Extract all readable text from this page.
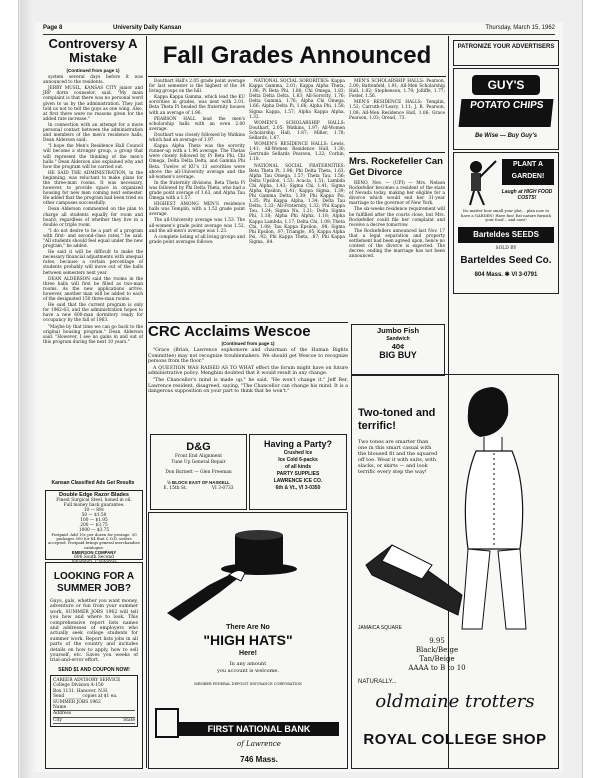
Page 8	University Daily Kansan	Thursday, March 15, 1962
Controversy A Mistake
(Continued from page 1)

system several days before it was announced to the residents.

JERRY MUSIL, KANSAS CITY junior and JRP dorm counselor, said, "My main complaint is that there was no personal word given to us by the administration. They just told us not to tell the guys as one wing. Also, at first there were no reasons given for the added rate increase."

In connection with an attempt for a more personal contact between the administration and members of the men's residence halls, Dean Alderson said:

"I hope the Men's Residence Hall Council will become a stronger group, a group that will represent the thinking of the men's halls." Dean Alderson also explained why and how the program will be carried out.

HE SAID THE ADMINISTRATION, in the beginning, was reluctant to make plans for the three-man rooms. It was necessary, however, to provide space in organized housing for new men coming next semester. He added that the program had been tried on other campuses successfully.

Dean Alderson commented on the plan to charge all students equally for room and board, regardless of whether they live in a double or triple room.

"I do not desire to be a part of a program with first- and second-class rates," he said. "All students should feel equal under the new program," he added.

He said it will be difficult to make the necessary financial adjustments with unequal rates, because a certain percentage of students probably will move out of the halls between semesters next year.

DEAN ALDERSON said the rooms in the three halls will first be filled as two-man rooms. As the new applications arrive, however, another man will be added to each of the designated 150 three-man rooms.

He said that the current program is only for 1962-63, and the administration hopes to have a new 600-man dormitory ready for occupancy by the fall of 1963.

"Maybe by that time we can go back to the original housing program," Dean Alderson said. "However, I see no gains in and out of this program during the next 10 years."

Kansan Classified Ads Get Results
Double Edge Razor Blades
Finest Surgical Steel, honed in oil.
Full money back guarantee.
10 — 89c
50 — $1.50
100 — $1.95
200 — $3.75
1000 — $3.75
Postpaid. Add 10c per dozen for postage. 30 packages 500 for $4 that C.O.D. orders accepted. Postpaid brings general merchandise catalogue.
EMERSON COMPANY
606 South Second
Alhambra, California
LOOKING FOR A SUMMER JOB?
Guys, gals, whether you want money, adventure or fun from your summer work, SUMMER JOBS 1962 will tell you how and where to look. This comprehensive report lists names and addresses of employers who actually seek college students for summer work. Report lists jobs in all parts of the country and includes details on how to apply, how to sell yourself, etc. Saves you weeks of trial-and-error effort.
SEND $1 AND COUPON NOW!
CAREER ADVISORY SERVICE
College Division A-150
Box 1131, Hanover, N.H.
Send _______ copies at $1 ea.
SUMMER JOBS 1962
Name
Address
City	State
Fall Grades Announced

Douthart Hall's 2.05 grade point average for last semester is the highest of the 34 living groups on the hill.

Kappa Kappa Gamma, which lead the KU sororities in grades, was next with 2.01. Beta Theta Pi headed the fraternity houses with an average of 1.96.

PEARSON HALL lead the men's scholarship halls with an even 2.00 average.

Douthart was closely followed by Watkins which had an average of 1.97.

Kappa Alpha Theta was the sorority runner-up with a 1.96 average. The Thetas were closely followed by Pi Beta Phi, Chi Omega, Delta Delta Delta, and Gamma Phi Beta. Twelve of KU's 13 sororities were above the all-University average and the all-women's average.

In the fraternity divisions, Beta Theta Pi was followed by Phi Delta Theta, who had a grade point average of 1.63, and Alpha Tau Omega with a 1.57.

HIGHEST AMONG MEN'S residence halls was Templin, with a 1.52 grade point average.

The all-University average was 1.53. The all-women's grade point average was 1.52, and the all-men's average was 1.23.

A complete listing of all living groups and grade point averages follows:

NATIONAL SOCIAL SORORITIES: Kappa Kappa Gamma, 2.01; Kappa Alpha Theta, 1.96; Pi Beta Phi, 1.86; Chi Omega, 1.83; Delta Delta Delta, 1.83; All-Sorority, 1.76; Delta Gamma, 1.76; Alpha Chi Omega, 1.66; Alpha Delta Pi, 1.66; Alpha Phi, 1.58; Sigma Kappa, 1.57; Alpha Kappa Alpha, 1.32.

WOMEN'S SCHOLARSHIP HALLS: Douthart, 2.05; Watkins, 1.97; All-Women Scholarship Hall, 1.87; Miller, 1.78; Sellards, 1.67.

WOMEN'S RESIDENCE HALLS: Lewis, 1.41; All-Women Residence Hall, 1.30; Gertrude Sellards Pearson, 1.22; Corbin, 1.18.

NATIONAL SOCIAL FRATERNITIES: Beta Theta Pi, 1.96; Phi Delta Theta, 1.63; Alpha Tau Omega, 1.57; Theta Tau, 1.56; Delta Upsilon, 1.53; Acacia, 1.51; Lambda Chi Alpha, 1.43; Sigma Chi, 1.41; Sigma Alpha Epsilon, 1.41; Kappa Sigma, 1.39; Phi Gamma Delta, 1.39; Phi Kappa Psi, 1.35; Phi Kappa Alpha, 1.34; Delta Tau Delta, 1.33; All-Fraternity, 1.32; Phi Kappa Tau, 1.24; Sigma Nu, 1.21; Delta Sigma Phi, 1.18; Alpha Phi Alpha, 1.18; Alpha Kappa Lambda, 1.17; Delta Chi, 1.09; Theta Chi, 1.08; Tau Kappa Epsilon, .98; Sigma Phi Epsilon, .97; Triangle, .95; Kappa Alpha Psi, .92; Phi Kappa Theta, .87; Phi Kappa Sigma, .84.

MEN'S SCHOLARSHIP HALLS: Pearson, 2.00; Battenfeld, 1.91; All-Men Scholarship Hall, 1.82; Stephenson, 1.79; Jolliffe, 1.77; Foster, 1.56.

MEN'S RESIDENCE HALLS: Templin, 1.52; Carruth-O'Leary, 1.11; J. R. Pearson, 1.08; All-Men Residence Hall, 1.06; Grace Pearson, 1.03; Oread, .73.

Mrs. Rockefeller Can Get Divorce

RENO, Nev. — (UPI) — Mrs. Nelson Rockefeller becomes a resident of the state of Nevada today, making her eligible for a divorce which would end her 31-year marriage to the governor of New York.

The six-weeks residence requirement will be fulfilled after the courts close, but Mrs. Rockefeller could file her complaint and receive a decree tomorrow.

The Rockefellers announced last Nov. 17 that a legal separation and property settlement had been agreed upon, hence no contest of the divorce is expected. The decree, ending the marriage has not been announced.

CRC Acclaims Wescoe
(Continued from page 1)

"Grace (Brian, Lawrence sophomore and chairman of the Human Rights Committee) may not recognize troublemakers. We should get Wescoe to recognize persons from the floor."

A QUESTION WAS RAISED AS TO WHAT effect the forum might have on future administrative policy. Menghini doubted that it would result in any change.

"The Chancellor's mind is made up," he said. "He won't change it." Jeff Ber, Lawrence resident, disagreed, saying, "The Chancellor can change his mind. It is a dangerous supposition on your part to think that he won't."

Jumbo Fish
Sandwich
40¢
BIG BUY
D&G
Front End Alignment
Tune Up General Repair
Don Burnett — Glen Freeman
½ BLOCK EAST OF HASKELL
E. 15th St.	VI 3-0733
Having a Party?
Crushed Ice
Ice Cold 6-packs
of all kinds
PARTY SUPPLIES
LAWRENCE ICE CO.
6th & Vt., VI 3-0350
There Are No
"HIGH HATS"
Here!
In any amount
you account is welcome.
MEMBER FEDERAL DEPOSIT INSURANCE CORPORATION
FIRST NATIONAL BANK
of Lawrence
746 Mass.
PATRONIZE YOUR ADVERTISERS
GUY'S
POTATO CHIPS
Be Wise — Buy Guy's
PLANT A GARDEN!
Laugh at HIGH FOOD COSTS!
No matter how small your plot... plan now to have a GARDEN! Have fun! Eat nature furnish your food... and save!
Barteldes SEEDS
SOLD BY
Barteldes Seed Co.
804 Mass. ✱ VI 3-0791
Two-toned and terrific!
Two tones are smarter than one in this smart casual with the bloused fit and the squared off toe. Wear it with suits, with slacks, or skirts — and look terrific every step the way!
JAMAICA SQUARE
9.95
Black/Beige
Tan/Beige
AAAA to B to 10
NATURALLY...
oldmaine trotters
ROYAL COLLEGE SHOP
